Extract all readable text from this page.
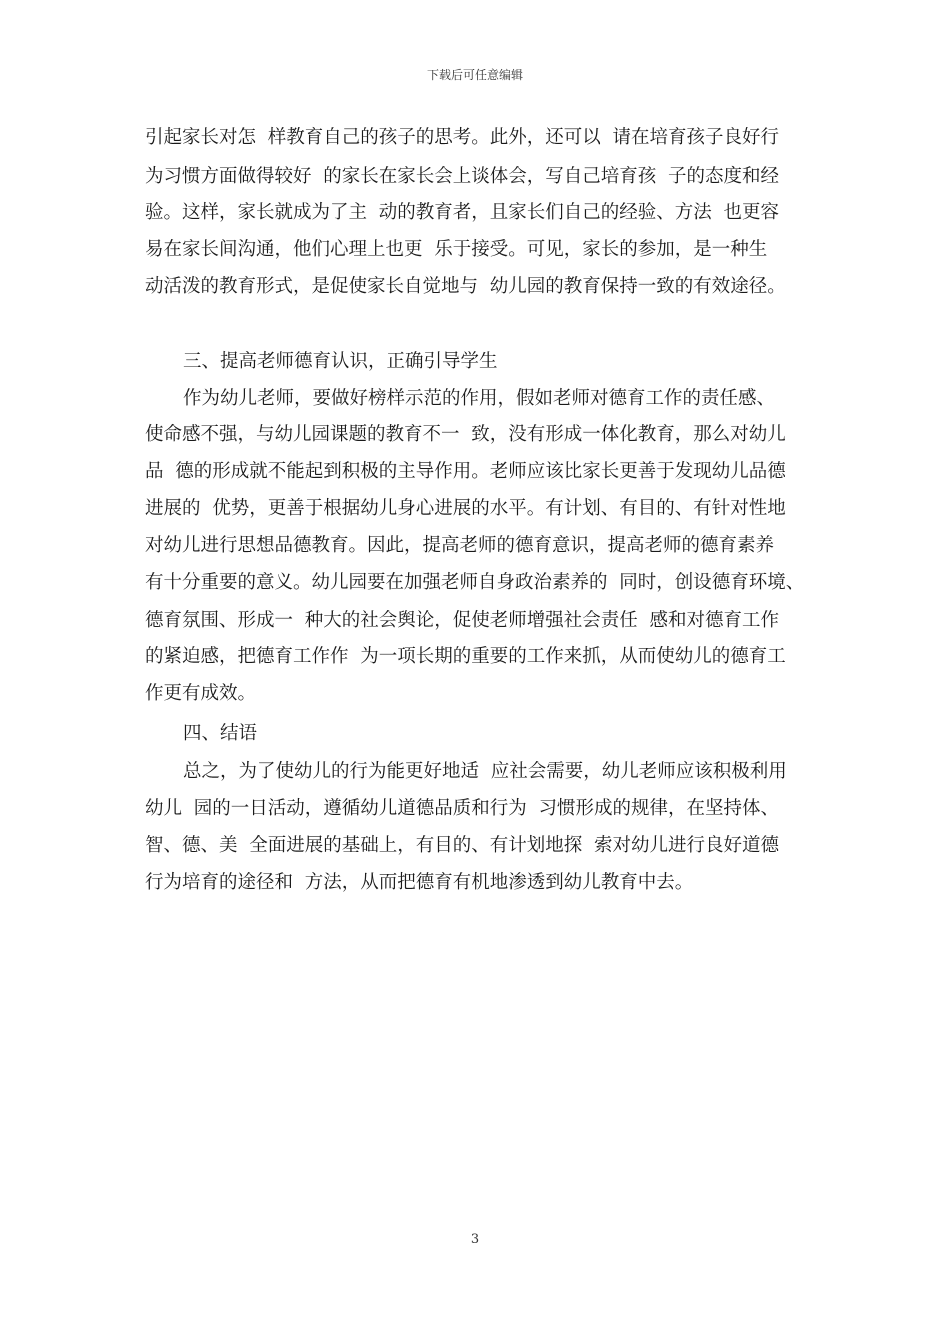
下载后可任意编辑
引起家长对怎  样教育自己的孩子的思考。此外，还可以  请在培育孩子良好行
为习惯方面做得较好  的家长在家长会上谈体会，写自己培育孩  子的态度和经
验。这样，家长就成为了主  动的教育者，且家长们自己的经验、方法  也更容
易在家长间沟通，他们心理上也更  乐于接受。可见，家长的参加，是一种生
动活泼的教育形式，是促使家长自觉地与  幼儿园的教育保持一致的有效途径。
三、提高老师德育认识，正确引导学生
作为幼儿老师，要做好榜样示范的作用，假如老师对德育工作的责任感、
使命感不强，与幼儿园课题的教育不一  致，没有形成一体化教育，那么对幼儿
品  德的形成就不能起到积极的主导作用。老师应该比家长更善于发现幼儿品德
进展的  优势，更善于根据幼儿身心进展的水平。有计划、有目的、有针对性地
对幼儿进行思想品德教育。因此，提高老师的德育意识，提高老师的德育素养
有十分重要的意义。幼儿园要在加强老师自身政治素养的  同时，创设德育环境、
德育氛围、形成一  种大的社会舆论，促使老师增强社会责任  感和对德育工作
的紧迫感，把德育工作作  为一项长期的重要的工作来抓，从而使幼儿的德育工
作更有成效。
四、结语
总之，为了使幼儿的行为能更好地适  应社会需要，幼儿老师应该积极利用
幼儿  园的一日活动，遵循幼儿道德品质和行为  习惯形成的规律，在坚持体、
智、德、美  全面进展的基础上，有目的、有计划地探  索对幼儿进行良好道德
行为培育的途径和  方法，从而把德育有机地渗透到幼儿教育中去。
3
